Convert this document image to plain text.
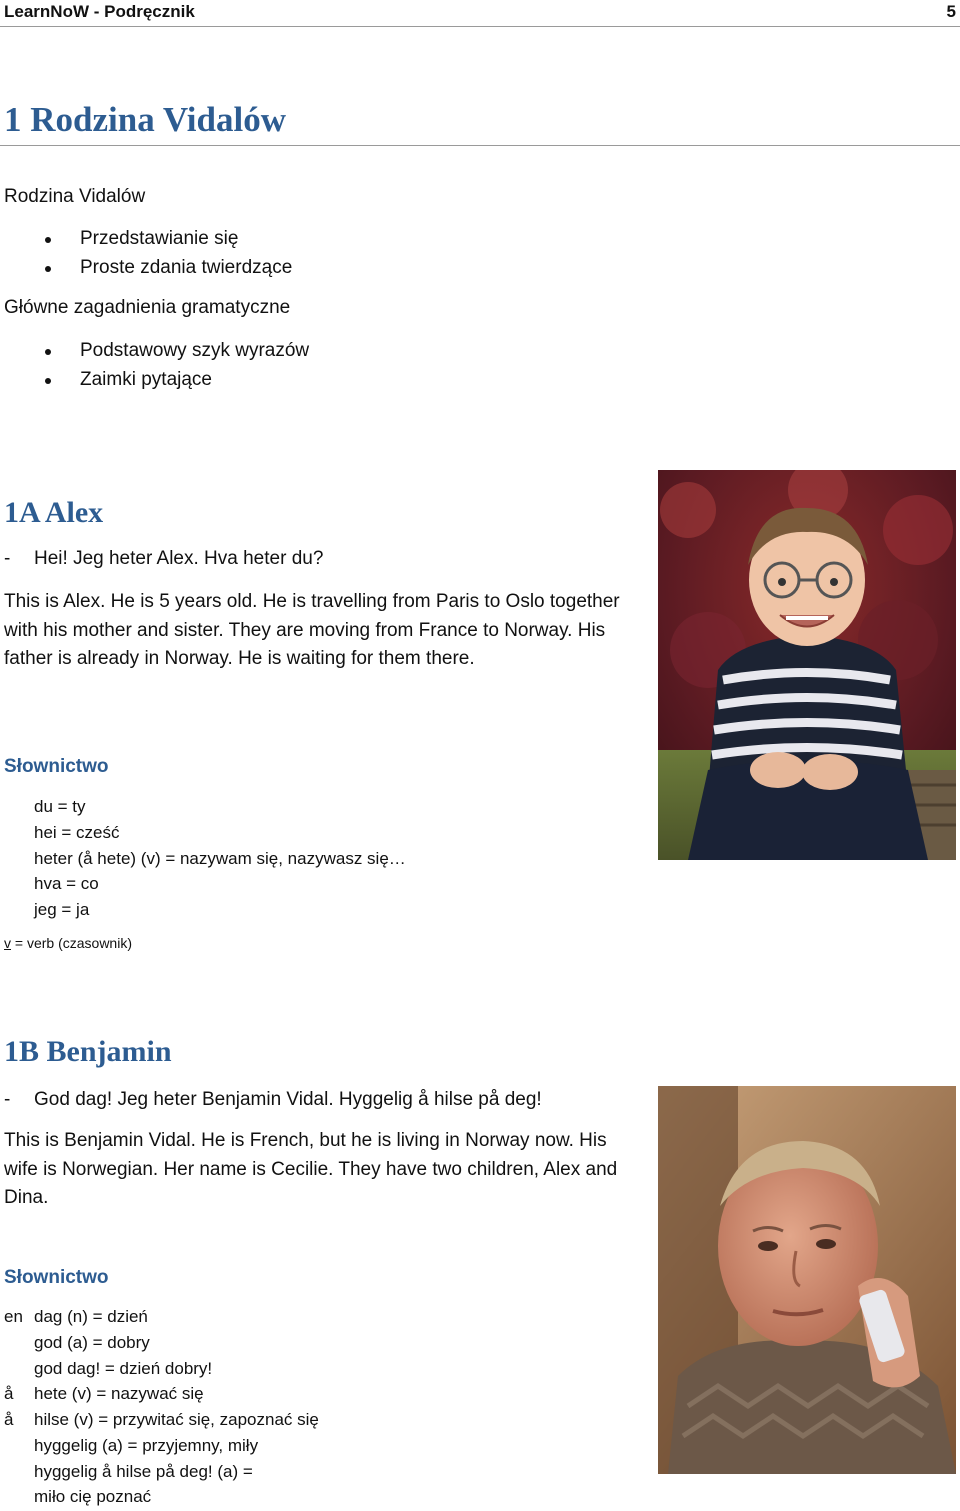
LearnNoW - Podręcznik	5
1 Rodzina Vidalów
Rodzina Vidalów
Przedstawianie się
Proste zdania twierdzące
Główne zagadnienia gramatyczne
Podstawowy szyk wyrazów
Zaimki pytające
1A Alex
- Hei! Jeg heter Alex. Hva heter du?
This is Alex. He is 5 years old. He is travelling from Paris to Oslo together with his mother and sister. They are moving from France to Norway. His father is already in Norway. He is waiting for them there.
Słownictwo
du = ty
hei = cześć
heter (å hete) (v) = nazywam się, nazywasz się…
hva = co
jeg = ja
v = verb (czasownik)
1B Benjamin
- God dag! Jeg heter Benjamin Vidal. Hyggelig å hilse på deg!
This is Benjamin Vidal. He is French, but he is living in Norway now. His wife is Norwegian. Her name is Cecilie. They have two children, Alex and Dina.
Słownictwo
en dag (n) = dzień
god (a) = dobry
god dag! = dzień dobry!
å hete (v) = nazywać się
å hilse (v) = przywitać się, zapoznać się
hyggelig (a) = przyjemny, miły
hyggelig å hilse på deg! (a) =
miło cię poznać
